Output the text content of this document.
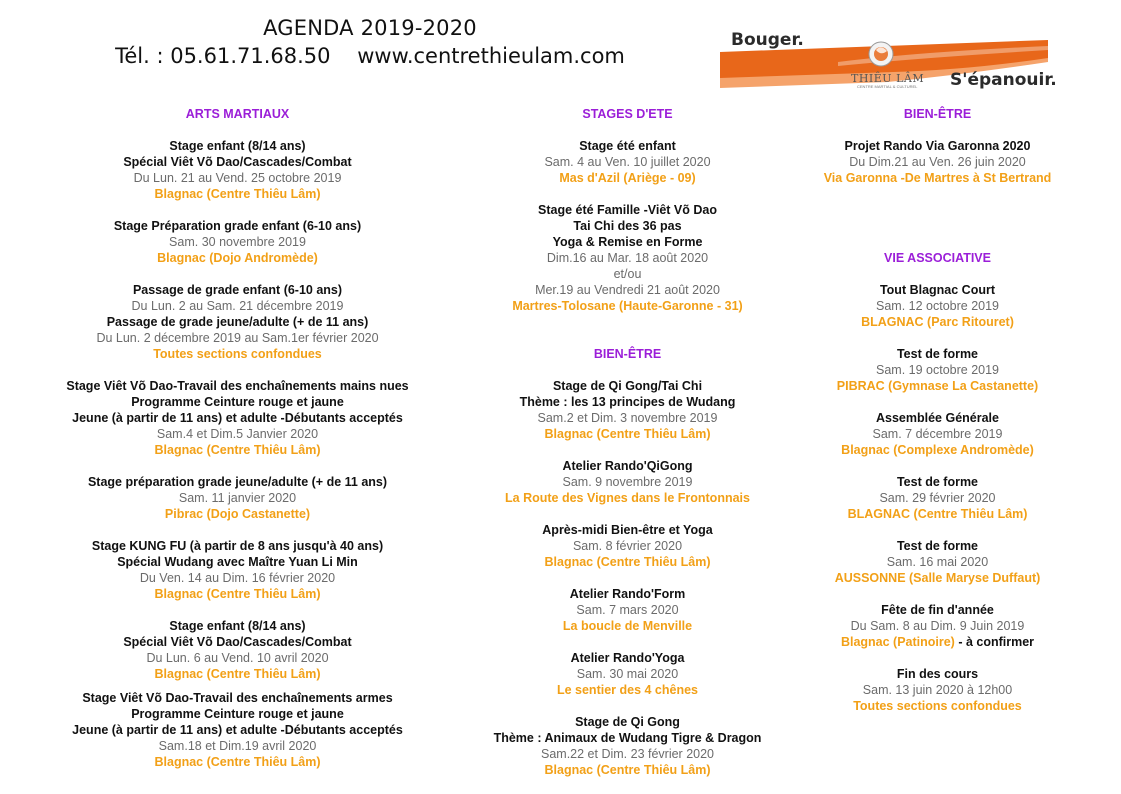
AGENDA 2019-2020
Tél. : 05.61.71.68.50 www.centrethieulam.com
Bouger.
THIÊU LÂM
CENTRE MARTIAL & CULTUREL S'épanouir.
ARTS MARTIAUX
Stage enfant (8/14 ans)
Spécial Viêt Võ Dao/Cascades/Combat
Du Lun. 21 au Vend. 25 octobre 2019
Blagnac (Centre Thiêu Lâm)
Stage Préparation grade enfant (6-10 ans)
Sam. 30 novembre 2019
Blagnac (Dojo Andromède)
Passage de grade enfant (6-10 ans)
Du Lun. 2 au Sam. 21 décembre 2019
Passage de grade jeune/adulte (+ de 11 ans)
Du Lun. 2 décembre 2019 au Sam.1er février 2020
Toutes sections confondues
Stage Viêt Võ Dao-Travail des enchaînements mains nues
Programme Ceinture rouge et jaune
Jeune (à partir de 11 ans) et adulte -Débutants acceptés
Sam.4 et Dim.5 Janvier 2020
Blagnac (Centre Thiêu Lâm)
Stage préparation grade jeune/adulte (+ de 11 ans)
Sam. 11 janvier 2020
Pibrac (Dojo Castanette)
Stage KUNG FU (à partir de 8 ans jusqu'à 40 ans)
Spécial Wudang avec Maître Yuan Li Min
Du Ven. 14 au Dim. 16 février 2020
Blagnac (Centre Thiêu Lâm)
Stage enfant (8/14 ans)
Spécial Viêt Võ Dao/Cascades/Combat
Du Lun. 6 au Vend. 10 avril 2020
Blagnac (Centre Thiêu Lâm)
Stage Viêt Võ Dao-Travail des enchaînements armes
Programme Ceinture rouge et jaune
Jeune (à partir de 11 ans) et adulte -Débutants acceptés
Sam.18 et Dim.19 avril 2020
Blagnac (Centre Thiêu Lâm)
STAGES D'ETE
Stage été enfant
Sam. 4 au Ven. 10 juillet 2020
Mas d'Azil (Ariège - 09)
Stage été Famille -Viêt Võ Dao
Tai Chi des 36 pas
Yoga & Remise en Forme
Dim.16 au Mar. 18 août 2020
et/ou
Mer.19 au Vendredi 21 août 2020
Martres-Tolosane (Haute-Garonne - 31)
BIEN-ÊTRE
Stage de Qi Gong/Tai Chi
Thème : les 13 principes de Wudang
Sam.2 et Dim. 3 novembre 2019
Blagnac (Centre Thiêu Lâm)
Atelier Rando'QiGong
Sam. 9 novembre 2019
La Route des Vignes dans le Frontonnais
Après-midi Bien-être et Yoga
Sam. 8 février 2020
Blagnac (Centre Thiêu Lâm)
Atelier Rando'Form
Sam. 7 mars 2020
La boucle de Menville
Atelier Rando'Yoga
Sam. 30 mai 2020
Le sentier des 4 chênes
Stage de Qi Gong
Thème : Animaux de Wudang Tigre & Dragon
Sam.22 et Dim. 23 février 2020
Blagnac (Centre Thiêu Lâm)
BIEN-ÊTRE
Projet Rando Via Garonna 2020
Du Dim.21 au Ven. 26 juin 2020
Via Garonna -De Martres à St Bertrand
VIE ASSOCIATIVE
Tout Blagnac Court
Sam. 12 octobre 2019
BLAGNAC (Parc Ritouret)
Test de forme
Sam. 19 octobre 2019
PIBRAC (Gymnase La Castanette)
Assemblée Générale
Sam. 7 décembre 2019
Blagnac (Complexe Andromède)
Test de forme
Sam. 29 février 2020
BLAGNAC (Centre Thiêu Lâm)
Test de forme
Sam. 16 mai 2020
AUSSONNE (Salle Maryse Duffaut)
Fête de fin d'année
Du Sam. 8 au Dim. 9 Juin 2019
Blagnac (Patinoire) - à confirmer
Fin des cours
Sam. 13 juin 2020 à 12h00
Toutes sections confondues
